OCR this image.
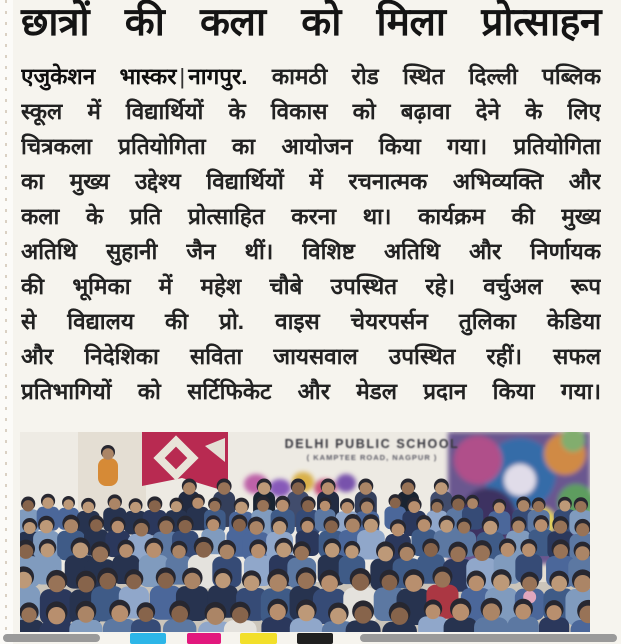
छात्रों की कला को मिला प्रोत्साहन
एजुकेशन भास्कर | नागपुर. कामठी रोड स्थित दिल्ली पब्लिक
स्कूल में विद्यार्थियों के विकास को बढ़ावा देने के लिए
चित्रकला प्रतियोगिता का आयोजन किया गया। प्रतियोगिता
का मुख्य उद्देश्य विद्यार्थियों में रचनात्मक अभिव्यक्ति और
कला के प्रति प्रोत्साहित करना था। कार्यक्रम की मुख्य
अतिथि सुहानी जैन थीं। विशिष्ट अतिथि और निर्णायक
की भूमिका में महेश चौबे उपस्थित रहे। वर्चुअल रूप
से विद्यालय की प्रो. वाइस चेयरपर्सन तुलिका केडिया
और निदेशिका सविता जायसवाल उपस्थित रहीं। सफल
प्रतिभागियों को सर्टिफिकेट और मेडल प्रदान किया गया।
DELHI PUBLIC SCHOOL
( KAMPTEE ROAD, NAGPUR )
